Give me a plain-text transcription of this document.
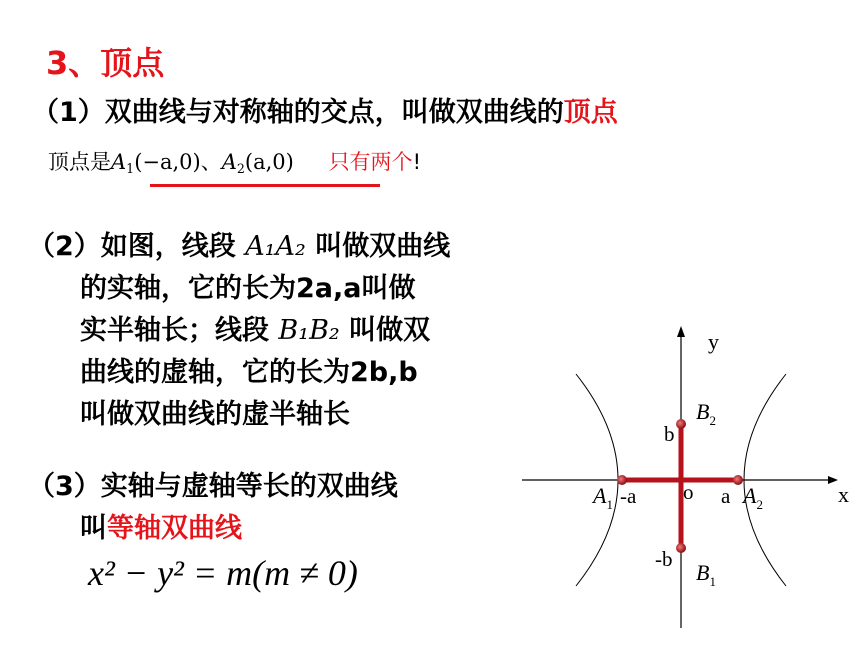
3、顶点
（1）双曲线与对称轴的交点，叫做双曲线的顶点
顶点是$A_1(-a,0)$、$A_2(a,0)$ 只有两个!
（2）如图，线段 A₁A₂ 叫做双曲线
的实轴，它的长为2a,a叫做
实半轴长；线段 B₁B₂ 叫做双
曲线的虚轴，它的长为2b,b
叫做双曲线的虚半轴长
（3）实轴与虚轴等长的双曲线
叫等轴双曲线
x² − y² = m(m ≠ 0)
y
x
o
b
-b
-a	a
$A_1$	$A_2$
$B_2$
$B_1$
